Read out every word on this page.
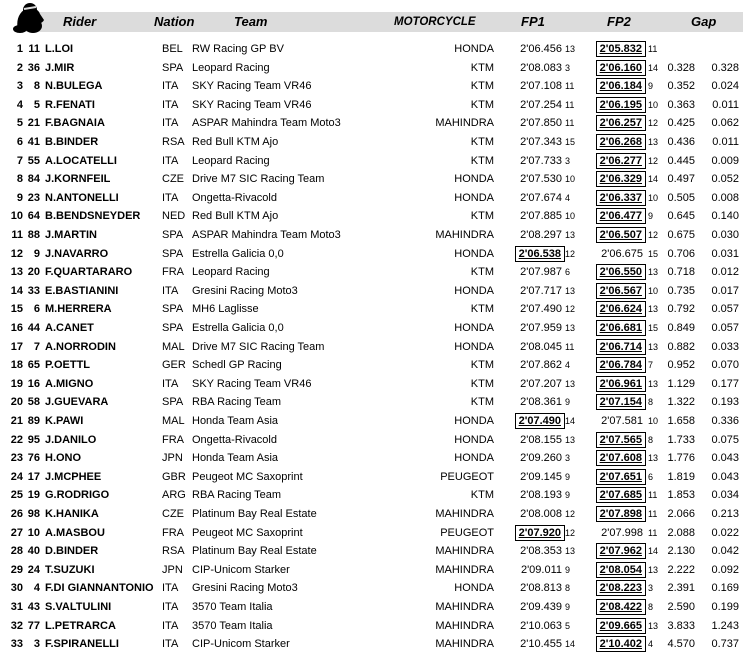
Rider	Nation	Team	MOTORCYCLE	FP1	FP2	Gap
1 11 L.LOI	BEL RW Racing GP BV	HONDA 2'06.456 13	2'05.832 11
2 36 J.MIR	SPA Leopard Racing	KTM 2'08.083 3	2'06.160 14 0.328 0.328
3 8 N.BULEGA	ITA SKY Racing Team VR46	KTM 2'07.108 11	2'06.184 9 0.352 0.024
4 5 R.FENATI	ITA SKY Racing Team VR46	KTM 2'07.254 11	2'06.195 10 0.363 0.011
5 21 F.BAGNAIA	ITA ASPAR Mahindra Team Moto3	MAHINDRA 2'07.850 11	2'06.257 12 0.425 0.062
6 41 B.BINDER	RSA Red Bull KTM Ajo	KTM 2'07.343 15	2'06.268 13 0.436 0.011
7 55 A.LOCATELLI	ITA Leopard Racing	KTM 2'07.733 3	2'06.277 12 0.445 0.009
8 84 J.KORNFEIL	CZE Drive M7 SIC Racing Team	HONDA 2'07.530 10	2'06.329 14 0.497 0.052
9 23 N.ANTONELLI	ITA Ongetta-Rivacold	HONDA 2'07.674 4	2'06.337 10 0.505 0.008
10 64 B.BENDSNEYDER	NED Red Bull KTM Ajo	KTM 2'07.885 10	2'06.477 9 0.645 0.140
11 88 J.MARTIN	SPA ASPAR Mahindra Team Moto3	MAHINDRA 2'08.297 13	2'06.507 12 0.675 0.030
12 9 J.NAVARRO	SPA Estrella Galicia 0,0	HONDA	2'06.538 12 2'06.675 15 0.706 0.031
13 20 F.QUARTARARO	FRA Leopard Racing	KTM 2'07.987 6	2'06.550 13 0.718 0.012
14 33 E.BASTIANINI	ITA Gresini Racing Moto3	HONDA 2'07.717 13	2'06.567 10 0.735 0.017
15 6 M.HERRERA	SPA MH6 Laglisse	KTM 2'07.490 12	2'06.624 13 0.792 0.057
16 44 A.CANET	SPA Estrella Galicia 0,0	HONDA 2'07.959 13	2'06.681 15 0.849 0.057
17 7 A.NORRODIN	MAL Drive M7 SIC Racing Team	HONDA 2'08.045 11	2'06.714 13 0.882 0.033
18 65 P.OETTL	GER Schedl GP Racing	KTM 2'07.862 4	2'06.784 7 0.952 0.070
19 16 A.MIGNO	ITA SKY Racing Team VR46	KTM 2'07.207 13	2'06.961 13 1.129 0.177
20 58 J.GUEVARA	SPA RBA Racing Team	KTM 2'08.361 9	2'07.154 8 1.322 0.193
21 89 K.PAWI	MAL Honda Team Asia	HONDA	2'07.490 14 2'07.581 10 1.658 0.336
22 95 J.DANILO	FRA Ongetta-Rivacold	HONDA 2'08.155 13	2'07.565 8 1.733 0.075
23 76 H.ONO	JPN Honda Team Asia	HONDA 2'09.260 3	2'07.608 13 1.776 0.043
24 17 J.MCPHEE	GBR Peugeot MC Saxoprint	PEUGEOT 2'09.145 9	2'07.651 6 1.819 0.043
25 19 G.RODRIGO	ARG RBA Racing Team	KTM 2'08.193 9	2'07.685 11 1.853 0.034
26 98 K.HANIKA	CZE Platinum Bay Real Estate	MAHINDRA 2'08.008 12	2'07.898 11 2.066 0.213
27 10 A.MASBOU	FRA Peugeot MC Saxoprint	PEUGEOT	2'07.920 12 2'07.998 11 2.088 0.022
28 40 D.BINDER	RSA Platinum Bay Real Estate	MAHINDRA 2'08.353 13	2'07.962 14 2.130 0.042
29 24 T.SUZUKI	JPN CIP-Unicom Starker	MAHINDRA 2'09.011 9	2'08.054 13 2.222 0.092
30 4 F.DI GIANNANTONIO ITA Gresini Racing Moto3	HONDA 2'08.813 8	2'08.223 3 2.391 0.169
31 43 S.VALTULINI	ITA 3570 Team Italia	MAHINDRA 2'09.439 9	2'08.422 8 2.590 0.199
32 77 L.PETRARCA	ITA 3570 Team Italia	MAHINDRA 2'10.063 5	2'09.665 13 3.833 1.243
33 3 F.SPIRANELLI	ITA CIP-Unicom Starker	MAHINDRA 2'10.455 14	2'10.402 4 4.570 0.737
